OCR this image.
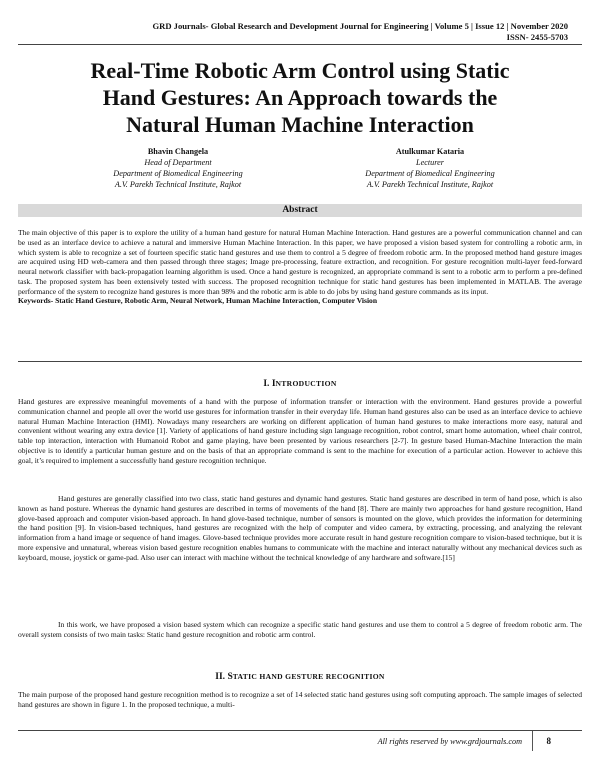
GRD Journals- Global Research and Development Journal for Engineering | Volume 5 | Issue 12 | November 2020
ISSN- 2455-5703
Real-Time Robotic Arm Control using Static
Hand Gestures: An Approach towards the
Natural Human Machine Interaction
Bhavin Changela
Head of Department
Department of Biomedical Engineering
A.V. Parekh Technical Institute, Rajkot
Atulkumar Kataria
Lecturer
Department of Biomedical Engineering
A.V. Parekh Technical Institute, Rajkot
Abstract
The main objective of this paper is to explore the utility of a human hand gesture for natural Human Machine Interaction. Hand gestures are a powerful communication channel and can be used as an interface device to achieve a natural and immersive Human Machine Interaction. In this paper, we have proposed a vision based system for controlling a robotic arm, in which system is able to recognize a set of fourteen specific static hand gestures and use them to control a 5 degree of freedom robotic arm. In the proposed method hand gesture images are acquired using HD web-camera and then passed through three stages; Image pre-processing, feature extraction, and recognition. For gesture recognition multi-layer feed-forward neural network classifier with back-propagation learning algorithm is used. Once a hand gesture is recognized, an appropriate command is sent to a robotic arm to perform a pre-defined task. The proposed system has been extensively tested with success. The proposed recognition technique for static hand gestures has been implemented in MATLAB. The average performance of the system to recognize hand gestures is more than 98% and the robotic arm is able to do jobs by using hand gesture commands as its input.
Keywords- Static Hand Gesture, Robotic Arm, Neural Network, Human Machine Interaction, Computer Vision
I. INTRODUCTION
Hand gestures are expressive meaningful movements of a hand with the purpose of information transfer or interaction with the environment. Hand gestures provide a powerful communication channel and people all over the world use gestures for information transfer in their everyday life. Human hand gestures also can be used as an interface device to achieve natural Human Machine Interaction (HMI). Nowadays many researchers are working on different application of human hand gestures to make interactions more easy, natural and convenient without wearing any extra device [1]. Variety of applications of hand gesture including sign language recognition, robot control, smart home automation, wheel chair control, table top interaction, interaction with Humanoid Robot and game playing, have been presented by various researchers [2-7]. In gesture based Human-Machine Interaction the main objective is to identify a particular human gesture and on the basis of that an appropriate command is sent to the machine for execution of a particular action. However to achieve this goal, it’s required to implement a successfully hand gesture recognition technique.
Hand gestures are generally classified into two class, static hand gestures and dynamic hand gestures. Static hand gestures are described in term of hand pose, which is also known as hand posture. Whereas the dynamic hand gestures are described in terms of movements of the hand [8]. There are mainly two approaches for hand gesture recognition, Hand glove-based approach and computer vision-based approach. In hand glove-based technique, number of sensors is mounted on the glove, which provides the information for determining the hand position [9]. In vision-based techniques, hand gestures are recognized with the help of computer and video camera, by extracting, processing, and analyzing the relevant information from a hand image or sequence of hand images. Glove-based technique provides more accurate result in hand gesture recognition compare to vision-based technique, but it is more expensive and unnatural, whereas vision based gesture recognition enables humans to communicate with the machine and interact naturally without any mechanical devices such as keyboard, mouse, joystick or game-pad. Also user can interact with machine without the technical knowledge of any hardware and software.[15]
In this work, we have proposed a vision based system which can recognize a specific static hand gestures and use them to control a 5 degree of freedom robotic arm. The overall system consists of two main tasks: Static hand gesture recognition and robotic arm control.
II. STATIC HAND GESTURE RECOGNITION
The main purpose of the proposed hand gesture recognition method is to recognize a set of 14 selected static hand gestures using soft computing approach. The sample images of selected hand gestures are shown in figure 1. In the proposed technique, a multi-
All rights reserved by www.grdjournals.com	8
